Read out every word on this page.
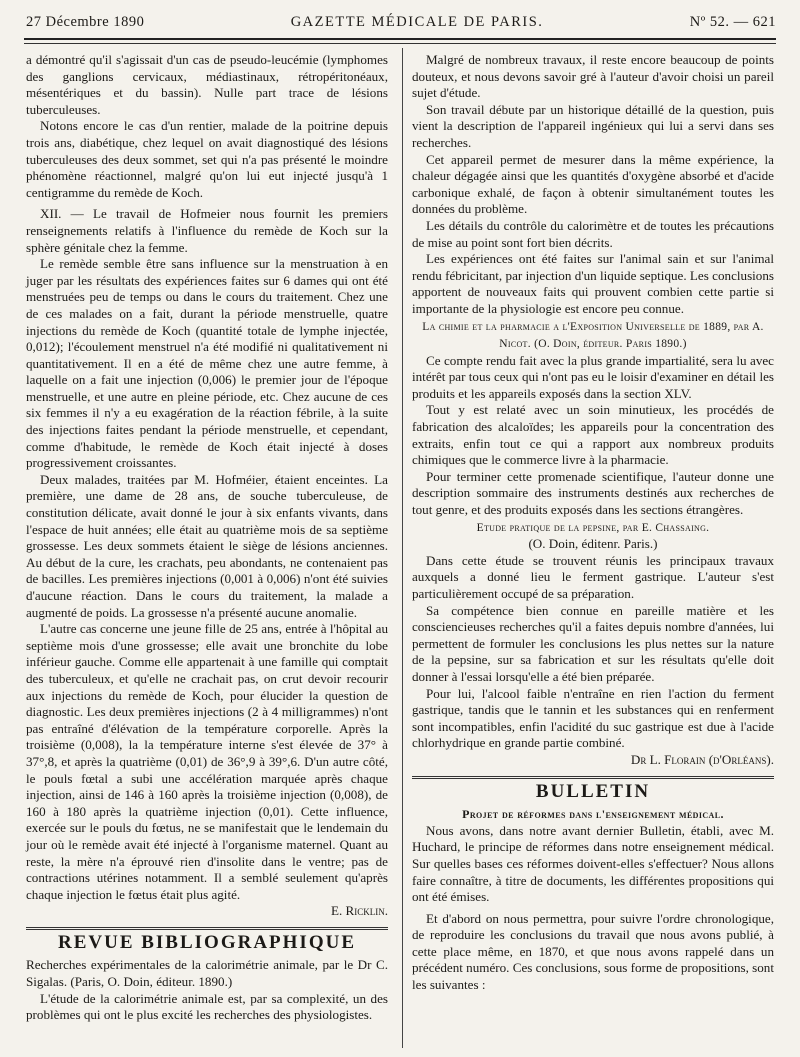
27 Décembre 1890	GAZETTE MÉDICALE DE PARIS.	Nº 52. — 621

a démontré qu'il s'agissait d'un cas de pseudo-leucémie (lymphomes des ganglions cervicaux, médiastinaux, rétropéritonéaux, mésentériques et du bassin). Nulle part trace de lésions tuberculeuses.

Notons encore le cas d'un rentier, malade de la poitrine depuis trois ans, diabétique, chez lequel on avait diagnostiqué des lésions tuberculeuses des deux sommet, set qui n'a pas présenté le moindre phénomène réactionnel, malgré qu'on lui eut injecté jusqu'à 1 centigramme du remède de Koch.

XII. — Le travail de Hofmeier nous fournit les premiers renseignements relatifs à l'influence du remède de Koch sur la sphère génitale chez la femme.

Le remède semble être sans influence sur la menstruation à en juger par les résultats des expériences faites sur 6 dames qui ont été menstruées peu de temps ou dans le cours du traitement. Chez une de ces malades on a fait, durant la période menstruelle, quatre injections du remède de Koch (quantité totale de lymphe injectée, 0,012); l'écoulement menstruel n'a été modifié ni qualitativement ni quantitativement. Il en a été de même chez une autre femme, à laquelle on a fait une injection (0,006) le premier jour de l'époque menstruelle, et une autre en pleine période, etc. Chez aucune de ces six femmes il n'y a eu exagération de la réaction fébrile, à la suite des injections faites pendant la période menstruelle, et cependant, comme d'habitude, le remède de Koch était injecté à doses progressivement croissantes.

Deux malades, traitées par M. Hofméier, étaient enceintes. La première, une dame de 28 ans, de souche tuberculeuse, de constitution délicate, avait donné le jour à six enfants vivants, dans l'espace de huit années; elle était au quatrième mois de sa septième grossesse. Les deux sommets étaient le siège de lésions anciennes. Au début de la cure, les crachats, peu abondants, ne contenaient pas de bacilles. Les premières injections (0,001 à 0,006) n'ont été suivies d'aucune réaction. Dans le cours du traitement, la malade a augmenté de poids. La grossesse n'a présenté aucune anomalie.

L'autre cas concerne une jeune fille de 25 ans, entrée à l'hôpital au septième mois d'une grossesse; elle avait une bronchite du lobe inférieur gauche. Comme elle appartenait à une famille qui comptait des tuberculeux, et qu'elle ne crachait pas, on crut devoir recourir aux injections du remède de Koch, pour élucider la question de diagnostic. Les deux premières injections (2 à 4 milligrammes) n'ont pas entraîné d'élévation de la température corporelle. Après la troisième (0,008), la la température interne s'est élevée de 37° à 37°,8, et après la quatrième (0,01) de 36°,9 à 39°,6. D'un autre côté, le pouls fœtal a subi une accélération marquée après chaque injection, ainsi de 146 à 160 après la troisième injection (0,008), de 160 à 180 après la quatrième injection (0,01). Cette influence, exercée sur le pouls du fœtus, ne se manifestait que le lendemain du jour où le remède avait été injecté à l'organisme maternel. Quant au reste, la mère n'a éprouvé rien d'insolite dans le ventre; pas de contractions utérines notamment. Il a semblé seulement qu'après chaque injection le fœtus était plus agité.

E. Ricklin.

REVUE BIBLIOGRAPHIQUE

Recherches expérimentales de la calorimétrie animale, par le Dr C. Sigalas. (Paris, O. Doin, éditeur. 1890.)

L'étude de la calorimétrie animale est, par sa complexité, un des problèmes qui ont le plus excité les recherches des physiologistes.

Malgré de nombreux travaux, il reste encore beaucoup de points douteux, et nous devons savoir gré à l'auteur d'avoir choisi un pareil sujet d'étude.

Son travail débute par un historique détaillé de la question, puis vient la description de l'appareil ingénieux qui lui a servi dans ses recherches.

Cet appareil permet de mesurer dans la même expérience, la chaleur dégagée ainsi que les quantités d'oxygène absorbé et d'acide carbonique exhalé, de façon à obtenir simultanément toutes les données du problème.

Les détails du contrôle du calorimètre et de toutes les précautions de mise au point sont fort bien décrits.

Les expériences ont été faites sur l'animal sain et sur l'animal rendu fébricitant, par injection d'un liquide septique. Les conclusions apportent de nouveaux faits qui prouvent combien cette partie si importante de la physiologie est encore peu connue.

La chimie et la pharmacie a l'Exposition Universelle de 1889, par A. Nicot. (O. Doin, éditeur. Paris 1890.)

Ce compte rendu fait avec la plus grande impartialité, sera lu avec intérêt par tous ceux qui n'ont pas eu le loisir d'examiner en détail les produits et les appareils exposés dans la section XLV.

Tout y est relaté avec un soin minutieux, les procédés de fabrication des alcaloïdes; les appareils pour la concentration des extraits, enfin tout ce qui a rapport aux nombreux produits chimiques que le commerce livre à la pharmacie.

Pour terminer cette promenade scientifique, l'auteur donne une description sommaire des instruments destinés aux recherches de tout genre, et des produits exposés dans les sections étrangères.

Etude pratique de la pepsine, par E. Chassaing.
(O. Doin, éditenr. Paris.)

Dans cette étude se trouvent réunis les principaux travaux auxquels a donné lieu le ferment gastrique. L'auteur s'est particulièrement occupé de sa préparation.

Sa compétence bien connue en pareille matière et les consciencieuses recherches qu'il a faites depuis nombre d'années, lui permettent de formuler les conclusions les plus nettes sur la nature de la pepsine, sur sa fabrication et sur les résultats qu'elle doit donner à l'essai lorsqu'elle a été bien préparée.

Pour lui, l'alcool faible n'entraîne en rien l'action du ferment gastrique, tandis que le tannin et les substances qui en renferment sont incompatibles, enfin l'acidité du suc gastrique est due à l'acide chlorhydrique en grande partie combiné.

Dr L. Florain (d'Orléans).

BULLETIN

Projet de réformes dans l'enseignement médical.

Nous avons, dans notre avant dernier Bulletin, établi, avec M. Huchard, le principe de réformes dans notre enseignement médical. Sur quelles bases ces réformes doivent-elles s'effectuer? Nous allons faire connaître, à titre de documents, les différentes propositions qui ont été émises.

Et d'abord on nous permettra, pour suivre l'ordre chronologique, de reproduire les conclusions du travail que nous avons publié, à cette place même, en 1870, et que nous avons rappelé dans un précédent numéro. Ces conclusions, sous forme de propositions, sont les suivantes :
